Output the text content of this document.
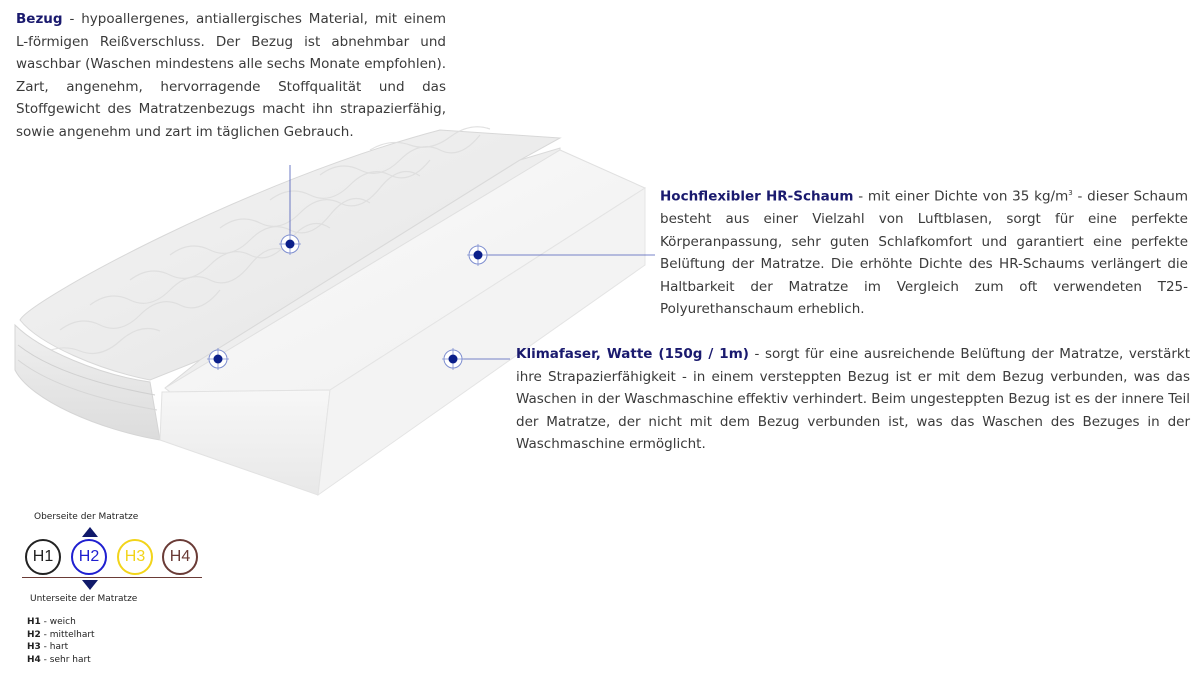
Bezug - hypoallergenes, antiallergisches Material, mit einem L-förmigen Reißverschluss. Der Bezug ist abnehmbar und waschbar (Waschen mindestens alle sechs Monate empfohlen). Zart, angenehm, hervorragende Stoffqualität und das Stoffgewicht des Matratzenbezugs macht ihn strapazierfähig, sowie angenehm und zart im täglichen Gebrauch.
Hochflexibler HR-Schaum - mit einer Dichte von 35 $kg/m^3$ - dieser Schaum besteht aus einer Vielzahl von Luftblasen, sorgt für eine perfekte Körperanpassung, sehr guten Schlafkomfort und garantiert eine perfekte Belüftung der Matratze. Die erhöhte Dichte des HR-Schaums verlängert die Haltbarkeit der Matratze im Vergleich zum oft verwendeten T25-Polyurethanschaum erheblich.
Klimafaser, Watte (150g / 1m) - sorgt für eine ausreichende Belüftung der Matratze, verstärkt ihre Strapazierfähigkeit - in einem versteppten Bezug ist er mit dem Bezug verbunden, was das Waschen in der Waschmaschine effektiv verhindert. Beim ungesteppten Bezug ist es der innere Teil der Matratze, der nicht mit dem Bezug verbunden ist, was das Waschen des Bezuges in der Waschmaschine ermöglicht.
Oberseite der Matratze
H1	H2	H3	H4
Unterseite der Matratze
H1 - weich
H2 - mittelhart
H3 - hart
H4 - sehr hart
